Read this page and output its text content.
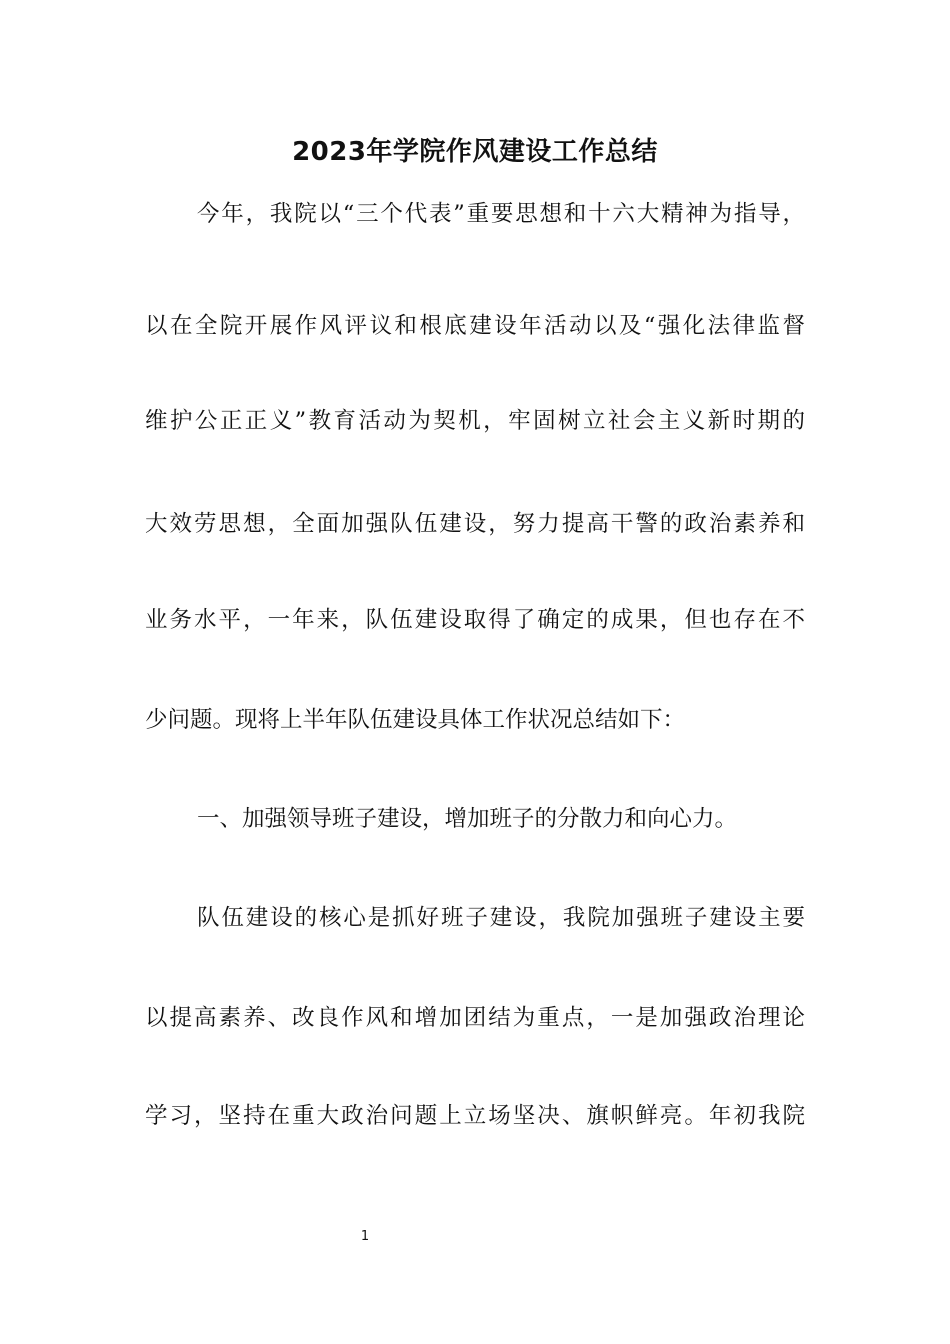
2023年学院作风建设工作总结
今年，我院以“三个代表”重要思想和十六大精神为指导，
以在全院开展作风评议和根底建设年活动以及“强化法律监督
维护公正正义”教育活动为契机，牢固树立社会主义新时期的
大效劳思想，全面加强队伍建设，努力提高干警的政治素养和
业务水平，一年来，队伍建设取得了确定的成果，但也存在不
少问题。现将上半年队伍建设具体工作状况总结如下：
一、加强领导班子建设，增加班子的分散力和向心力。
队伍建设的核心是抓好班子建设，我院加强班子建设主要
以提高素养、改良作风和增加团结为重点，一是加强政治理论
学习，坚持在重大政治问题上立场坚决、旗帜鲜亮。年初我院
1
